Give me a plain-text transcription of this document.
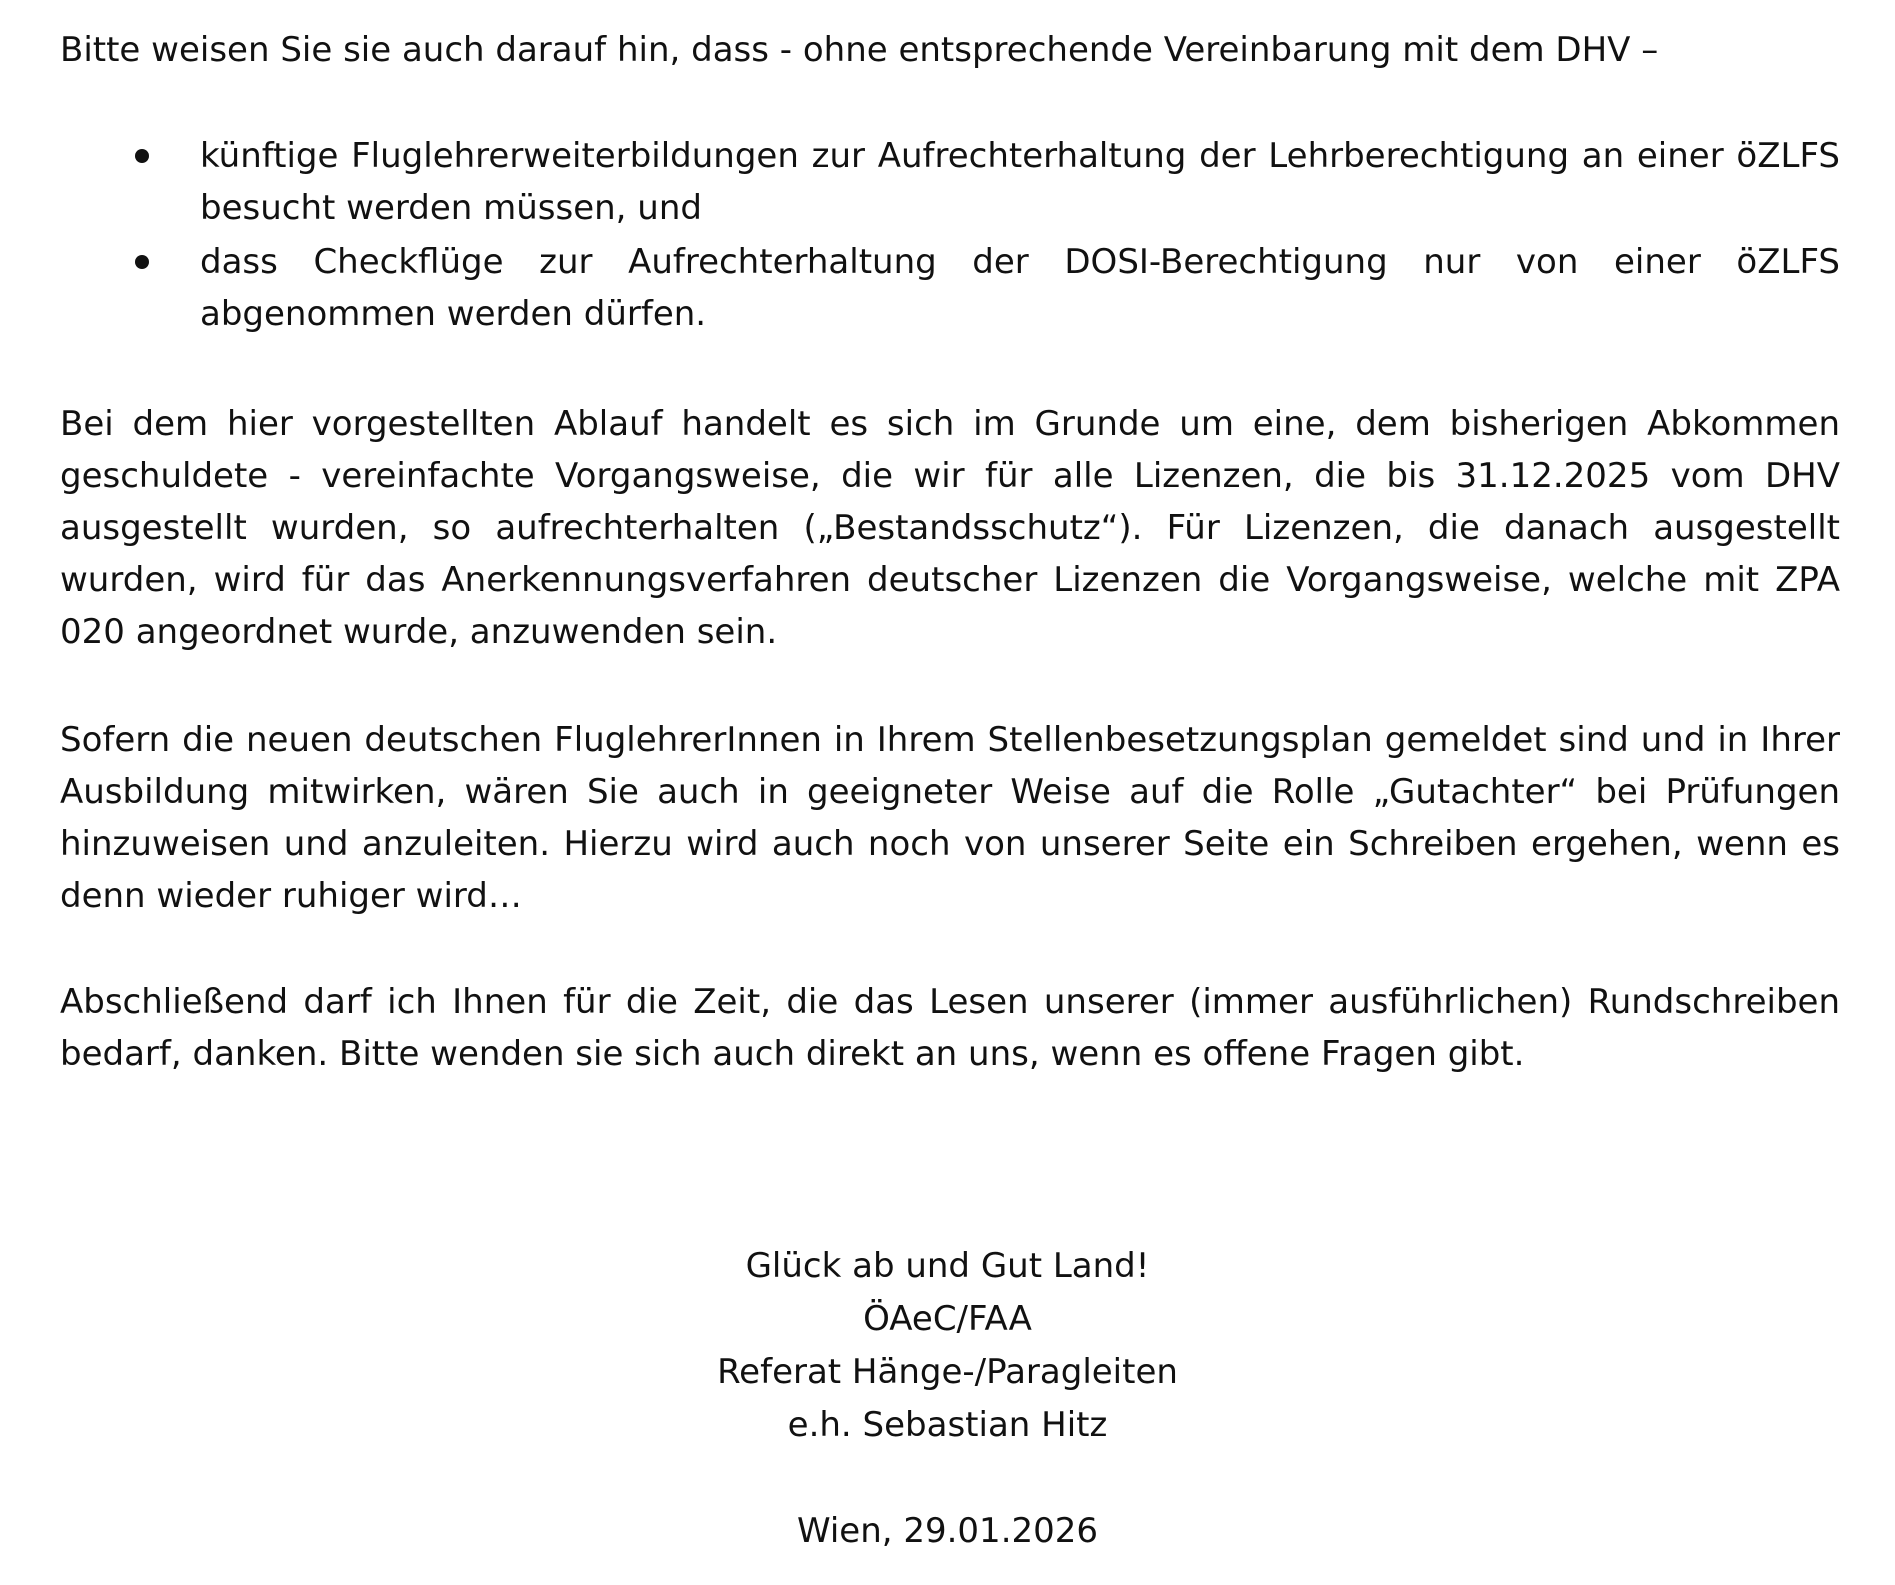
Bitte weisen Sie sie auch darauf hin, dass - ohne entsprechende Vereinbarung mit dem DHV –

künftige Fluglehrerweiterbildungen zur Aufrechterhaltung der Lehrberechtigung an einer öZLFS besucht werden müssen, und
dass Checkflüge zur Aufrechterhaltung der DOSI-Berechtigung nur von einer öZLFS abgenommen werden dürfen.

Bei dem hier vorgestellten Ablauf handelt es sich im Grunde um eine, dem bisherigen Abkommen geschuldete - vereinfachte Vorgangsweise, die wir für alle Lizenzen, die bis 31.12.2025 vom DHV ausgestellt wurden, so aufrechterhalten („Bestandsschutz“). Für Lizenzen, die danach ausgestellt wurden, wird für das Anerkennungsverfahren deutscher Lizenzen die Vorgangsweise, welche mit ZPA 020 angeordnet wurde, anzuwenden sein.

Sofern die neuen deutschen FluglehrerInnen in Ihrem Stellenbesetzungsplan gemeldet sind und in Ihrer Ausbildung mitwirken, wären Sie auch in geeigneter Weise auf die Rolle „Gutachter“ bei Prüfungen hinzuweisen und anzuleiten. Hierzu wird auch noch von unserer Seite ein Schreiben ergehen, wenn es denn wieder ruhiger wird…

Abschließend darf ich Ihnen für die Zeit, die das Lesen unserer (immer ausführlichen) Rundschreiben bedarf, danken. Bitte wenden sie sich auch direkt an uns, wenn es offene Fragen gibt.

Glück ab und Gut Land!
ÖAeC/FAA
Referat Hänge-/Paragleiten
e.h. Sebastian Hitz
Wien, 29.01.2026
